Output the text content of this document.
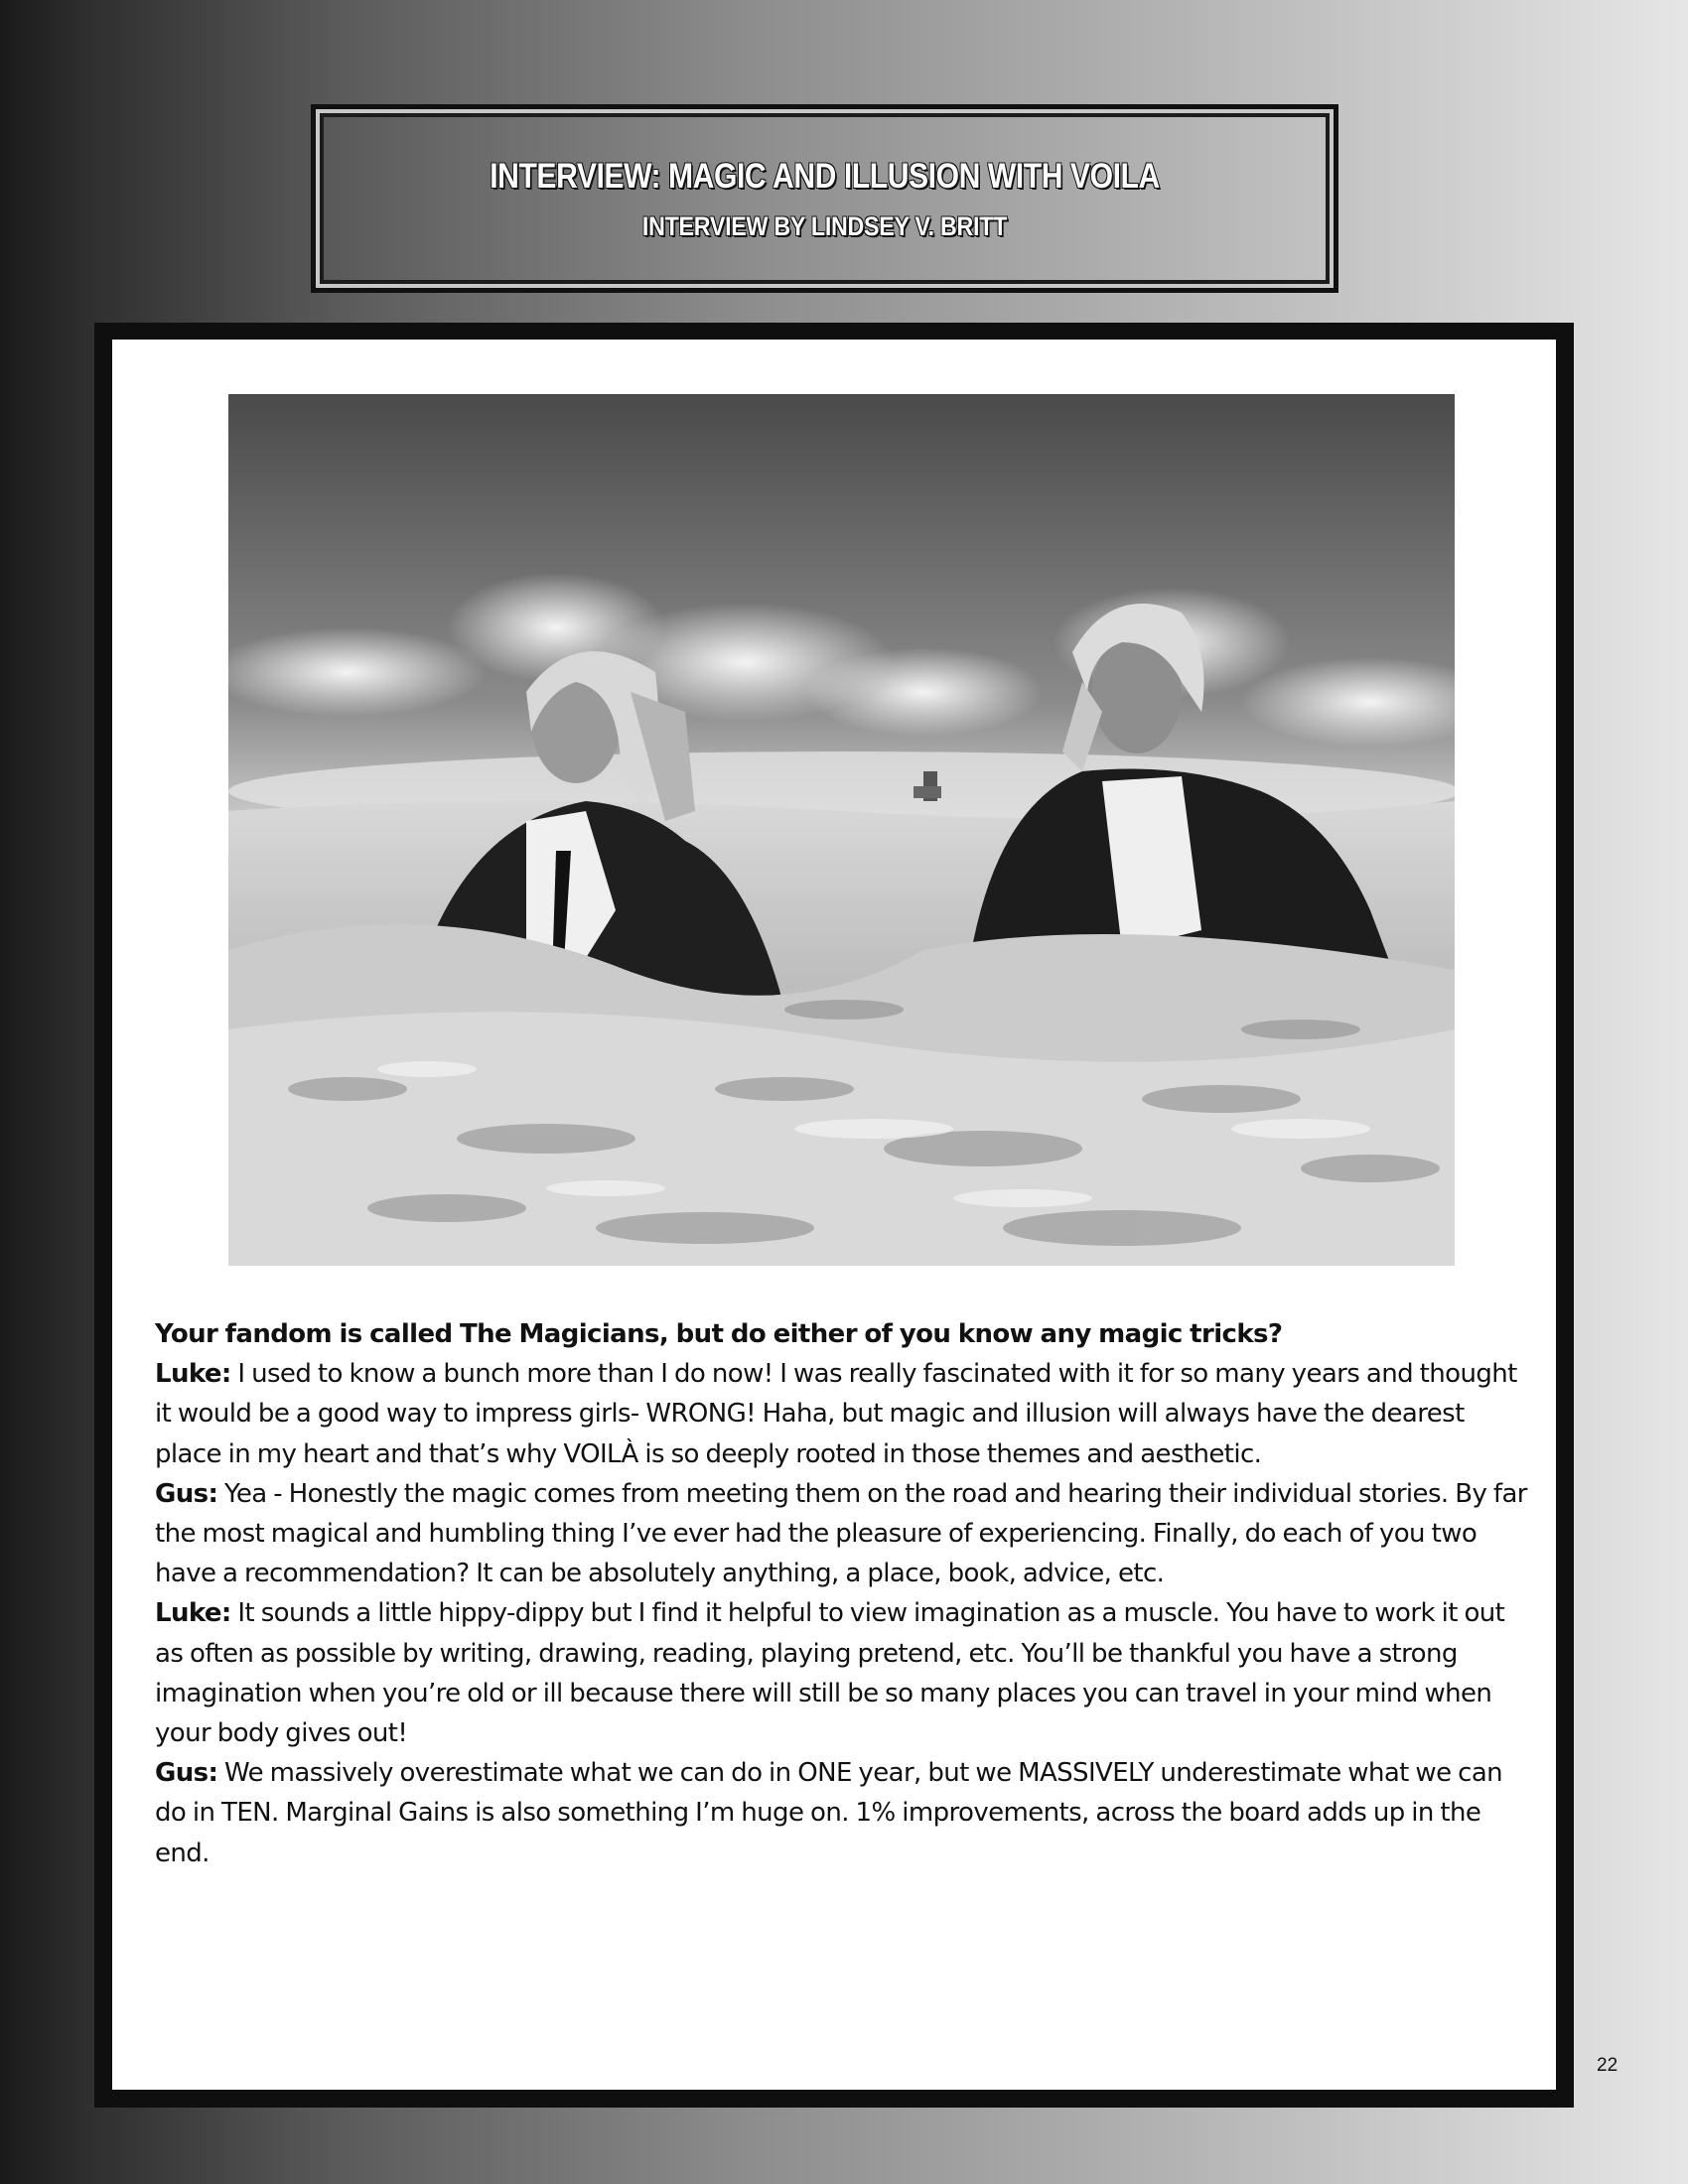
INTERVIEW: MAGIC AND ILLUSION WITH VOILA
INTERVIEW BY LINDSEY V. BRITT

Your fandom is called The Magicians, but do either of you know any magic tricks?

Luke: I used to know a bunch more than I do now! I was really fascinated with it for so many years and thought it would be a good way to impress girls- WRONG! Haha, but magic and illusion will always have the dearest place in my heart and that’s why VOILÀ is so deeply rooted in those themes and aesthetic.

Gus: Yea - Honestly the magic comes from meeting them on the road and hearing their individual stories. By far the most magical and humbling thing I’ve ever had the pleasure of experiencing. Finally, do each of you two have a recommendation? It can be absolutely anything, a place, book, advice, etc.

Luke: It sounds a little hippy-dippy but I find it helpful to view imagination as a muscle. You have to work it out as often as possible by writing, drawing, reading, playing pretend, etc. You’ll be thankful you have a strong imagination when you’re old or ill because there will still be so many places you can travel in your mind when your body gives out!

Gus: We massively overestimate what we can do in ONE year, but we MASSIVELY underestimate what we can do in TEN. Marginal Gains is also something I’m huge on. 1% improvements, across the board adds up in the end.

22
